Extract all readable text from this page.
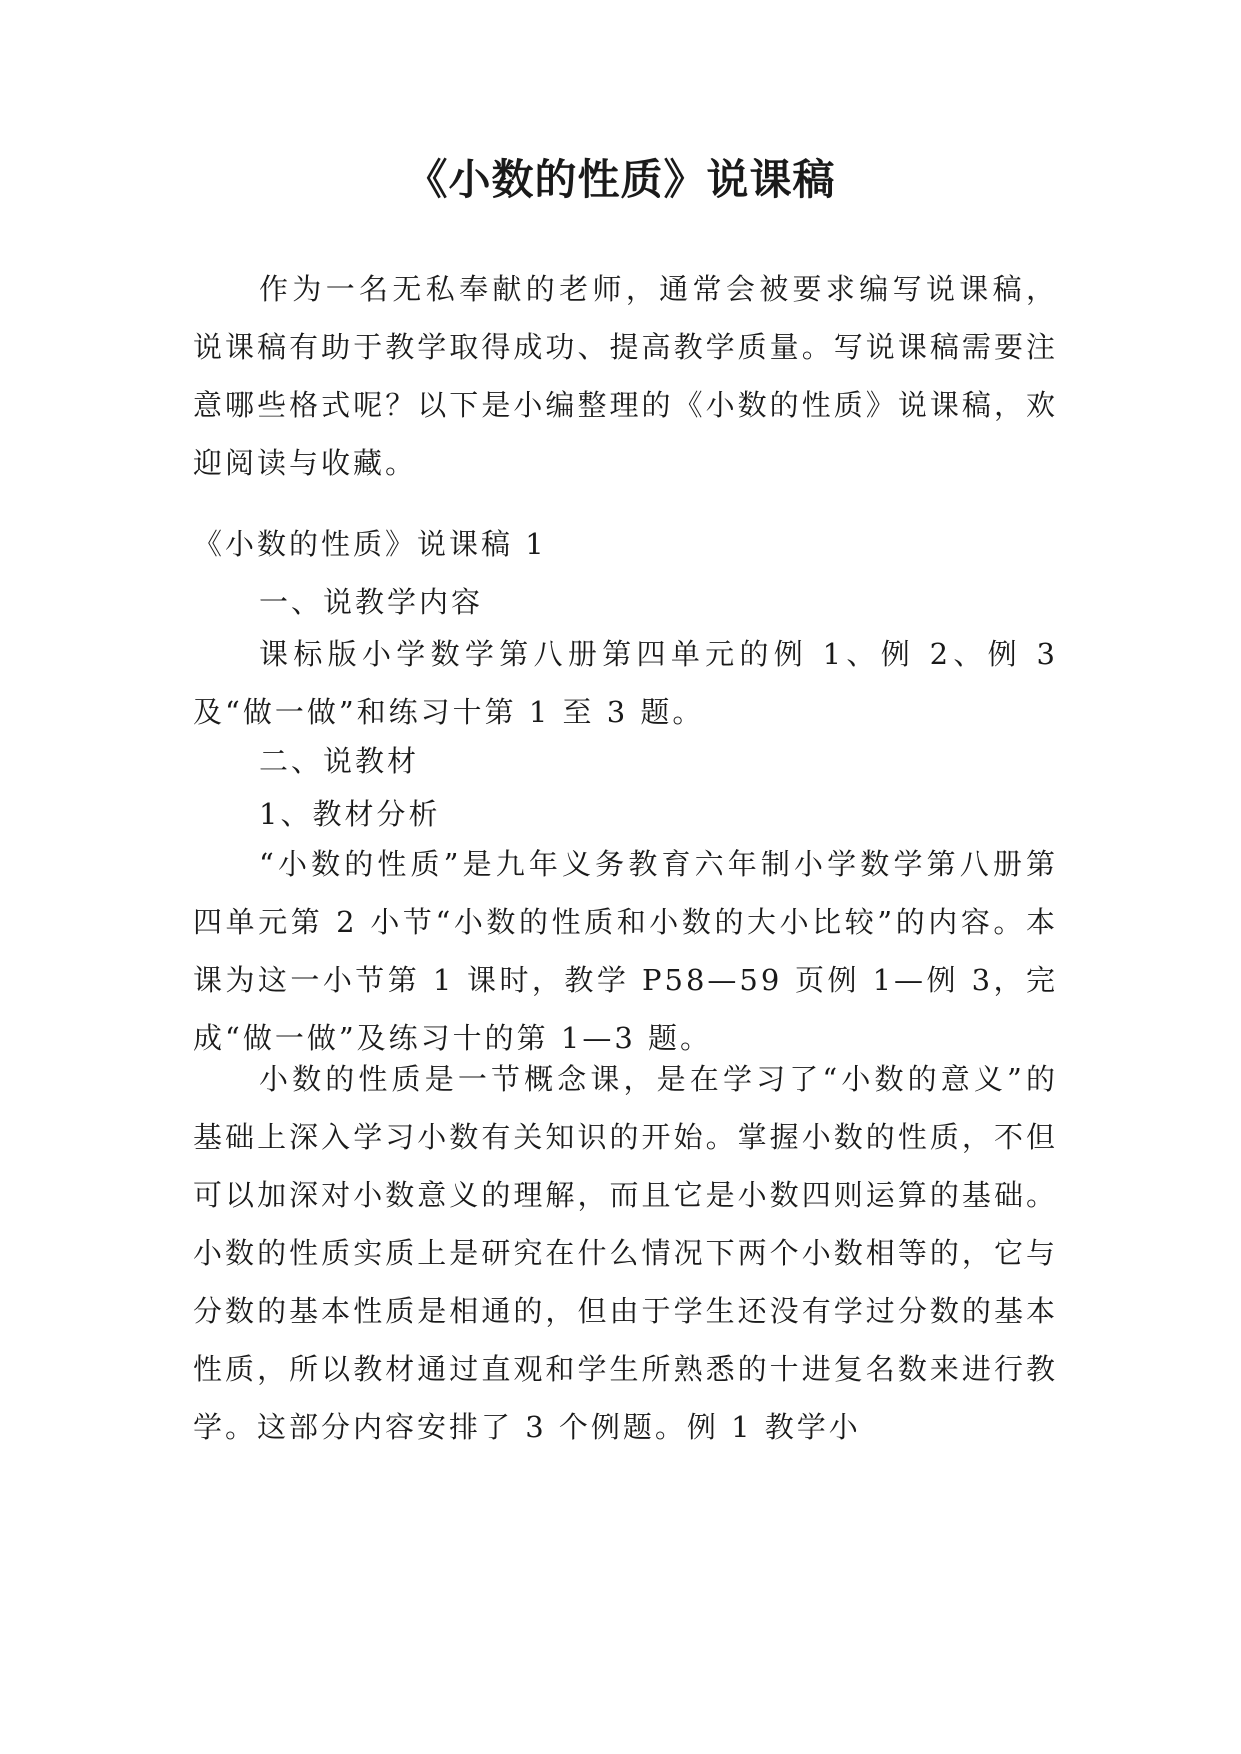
《小数的性质》说课稿
作为一名无私奉献的老师，通常会被要求编写说课稿，说课稿有助于教学取得成功、提高教学质量。写说课稿需要注意哪些格式呢？以下是小编整理的《小数的性质》说课稿，欢迎阅读与收藏。
《小数的性质》说课稿 1
一、说教学内容
课标版小学数学第八册第四单元的例 1、例 2、例 3 及“做一做”和练习十第 1 至 3 题。
二、说教材
1、教材分析
“小数的性质”是九年义务教育六年制小学数学第八册第四单元第 2 小节“小数的性质和小数的大小比较”的内容。本课为这一小节第 1 课时，教学 P58—59 页例 1—例 3，完成“做一做”及练习十的第 1—3 题。
小数的性质是一节概念课，是在学习了“小数的意义”的基础上深入学习小数有关知识的开始。掌握小数的性质，不但可以加深对小数意义的理解，而且它是小数四则运算的基础。小数的性质实质上是研究在什么情况下两个小数相等的，它与分数的基本性质是相通的，但由于学生还没有学过分数的基本性质，所以教材通过直观和学生所熟悉的十进复名数来进行教学。这部分内容安排了 3 个例题。例 1 教学小
